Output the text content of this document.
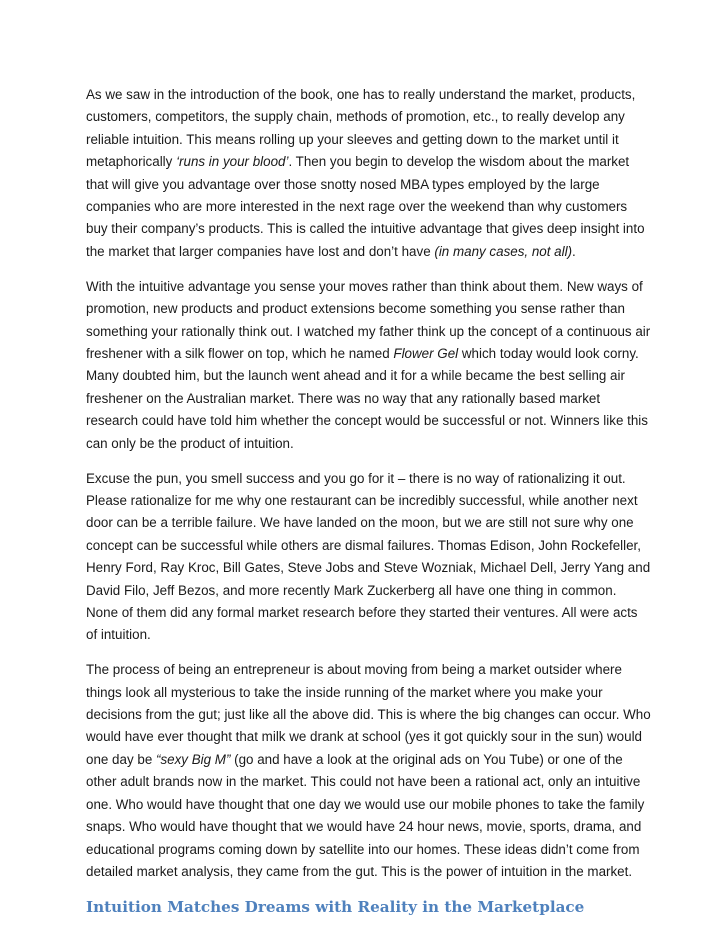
As we saw in the introduction of the book, one has to really understand the market, products, customers, competitors, the supply chain, methods of promotion, etc., to really develop any reliable intuition. This means rolling up your sleeves and getting down to the market until it metaphorically ‘runs in your blood’. Then you begin to develop the wisdom about the market that will give you advantage over those snotty nosed MBA types employed by the large companies who are more interested in the next rage over the weekend than why customers buy their company’s products. This is called the intuitive advantage that gives deep insight into the market that larger companies have lost and don’t have (in many cases, not all).

With the intuitive advantage you sense your moves rather than think about them. New ways of promotion, new products and product extensions become something you sense rather than something your rationally think out. I watched my father think up the concept of a continuous air freshener with a silk flower on top, which he named Flower Gel which today would look corny. Many doubted him, but the launch went ahead and it for a while became the best selling air freshener on the Australian market. There was no way that any rationally based market research could have told him whether the concept would be successful or not. Winners like this can only be the product of intuition.

Excuse the pun, you smell success and you go for it – there is no way of rationalizing it out. Please rationalize for me why one restaurant can be incredibly successful, while another next door can be a terrible failure. We have landed on the moon, but we are still not sure why one concept can be successful while others are dismal failures. Thomas Edison, John Rockefeller, Henry Ford, Ray Kroc, Bill Gates, Steve Jobs and Steve Wozniak, Michael Dell, Jerry Yang and David Filo, Jeff Bezos, and more recently Mark Zuckerberg all have one thing in common. None of them did any formal market research before they started their ventures. All were acts of intuition.

The process of being an entrepreneur is about moving from being a market outsider where things look all mysterious to take the inside running of the market where you make your decisions from the gut; just like all the above did. This is where the big changes can occur. Who would have ever thought that milk we drank at school (yes it got quickly sour in the sun) would one day be “sexy Big M” (go and have a look at the original ads on You Tube) or one of the other adult brands now in the market. This could not have been a rational act, only an intuitive one. Who would have thought that one day we would use our mobile phones to take the family snaps. Who would have thought that we would have 24 hour news, movie, sports, drama, and educational programs coming down by satellite into our homes. These ideas didn’t come from detailed market analysis, they came from the gut. This is the power of intuition in the market.

Intuition Matches Dreams with Reality in the Marketplace
